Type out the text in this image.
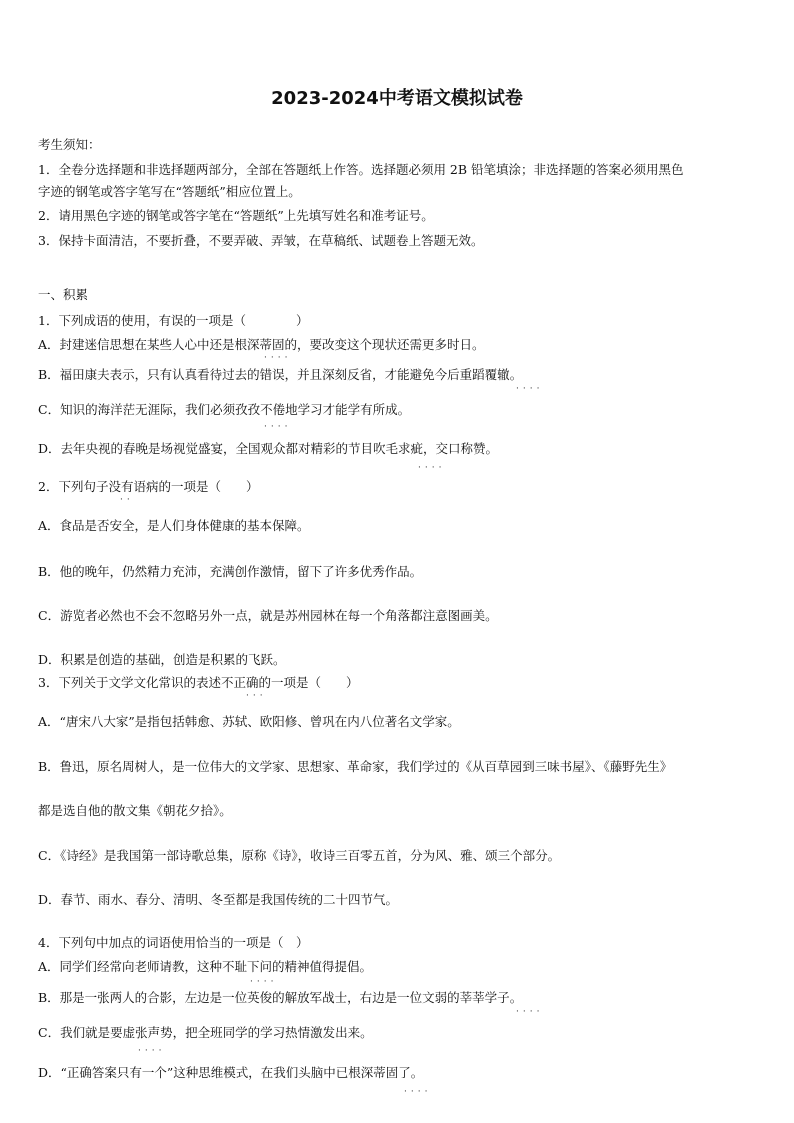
2023-2024中考语文模拟试卷
考生须知：
1．全卷分选择题和非选择题两部分，全部在答题纸上作答。选择题必须用 2B 铅笔填涂；非选择题的答案必须用黑色
字迹的钢笔或答字笔写在“答题纸”相应位置上。
2．请用黑色字迹的钢笔或答字笔在“答题纸”上先填写姓名和准考证号。
3．保持卡面清洁，不要折叠，不要弄破、弄皱，在草稿纸、试题卷上答题无效。
一、积累
1．下列成语的使用，有误的一项是（　　　　）
A．封建迷信思想在某些人心中还是根深蒂固的，要改变这个现状还需更多时日。
····
B．福田康夫表示，只有认真看待过去的错误，并且深刻反省，才能避免今后重蹈覆辙。
····
C．知识的海洋茫无涯际，我们必须孜孜不倦地学习才能学有所成。
····
D．去年央视的春晚是场视觉盛宴，全国观众都对精彩的节目吹毛求疵，交口称赞。
····
2．下列句子没有语病的一项是（　　）
··
A．食品是否安全，是人们身体健康的基本保障。
B．他的晚年，仍然精力充沛，充满创作激情，留下了许多优秀作品。
C．游览者必然也不会不忽略另外一点，就是苏州园林在每一个角落都注意图画美。
D．积累是创造的基础，创造是积累的飞跃。
3．下列关于文学文化常识的表述不正确的一项是（　　）
···
A．“唐宋八大家”是指包括韩愈、苏轼、欧阳修、曾巩在内八位著名文学家。
B．鲁迅，原名周树人，是一位伟大的文学家、思想家、革命家，我们学过的《从百草园到三味书屋》、《藤野先生》
都是选自他的散文集《朝花夕拾》。
C．《诗经》是我国第一部诗歌总集，原称《诗》，收诗三百零五首，分为风、雅、颂三个部分。
D．春节、雨水、春分、清明、冬至都是我国传统的二十四节气。
4．下列句中加点的词语使用恰当的一项是（　）
A．同学们经常向老师请教，这种不耻下问的精神值得提倡。
····
B．那是一张两人的合影，左边是一位英俊的解放军战士，右边是一位文弱的莘莘学子。
····
C．我们就是要虚张声势，把全班同学的学习热情激发出来。
····
D．“正确答案只有一个”这种思维模式，在我们头脑中已根深蒂固了。
····
